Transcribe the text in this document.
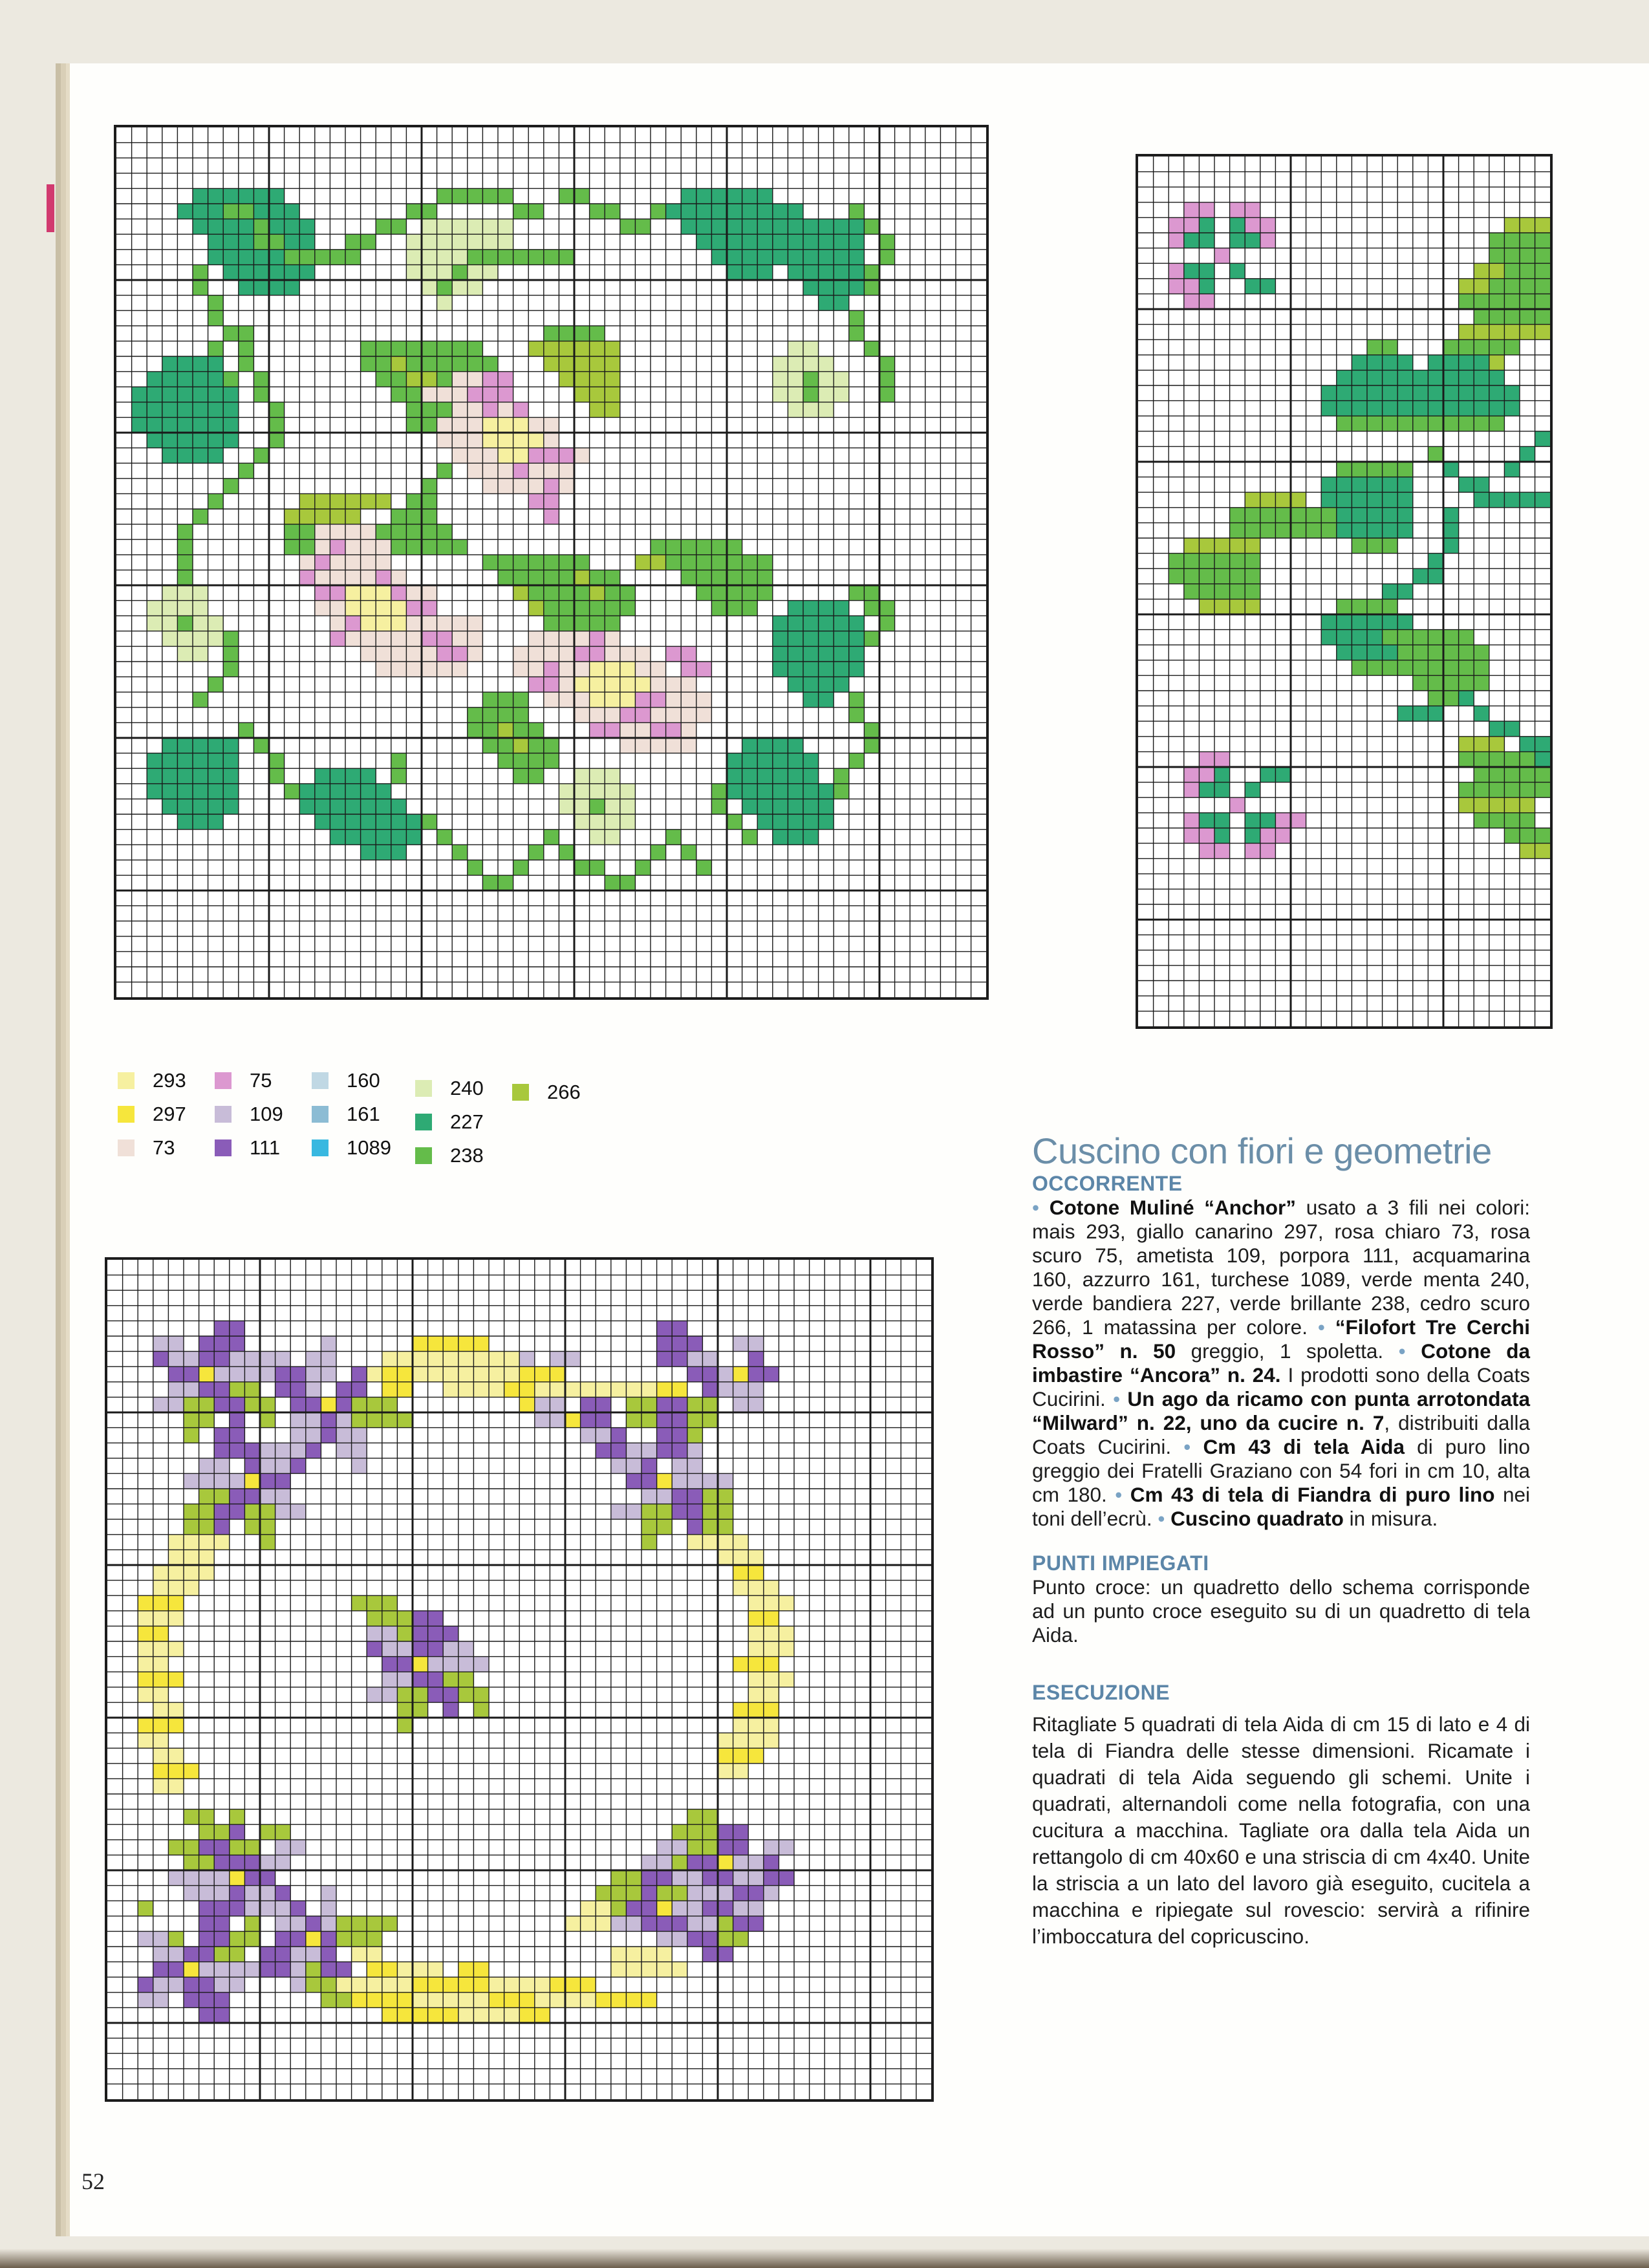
293
297
73
75
109
111
160
161
1089
240
227
238
266
Cuscino con fiori e geometrie
OCCORRENTE

• Cotone Muliné “Anchor” usato a 3 fili nei colori: mais 293, giallo canarino 297, rosa chiaro 73, rosa scuro 75, ametista 109, porpora 111, acquamarina 160, azzurro 161, turchese 1089, verde menta 240, verde bandiera 227, verde brillante 238, cedro scuro 266, 1 matassina per colore. • “Filofort Tre Cerchi Rosso” n. 50 greggio, 1 spoletta. • Cotone da imbastire “Ancora” n. 24. I prodotti sono della Coats Cucirini. • Un ago da ricamo con punta arrotondata “Milward” n. 22, uno da cucire n. 7, distribuiti dalla Coats Cucirini. • Cm 43 di tela Aida di puro lino greggio dei Fratelli Graziano con 54 fori in cm 10, alta cm 180. • Cm 43 di tela di Fiandra di puro lino nei toni dell’ecrù. • Cuscino quadrato in misura.

PUNTI IMPIEGATI

Punto croce: un quadretto dello schema corrisponde ad un punto croce eseguito su di un quadretto di tela Aida.

ESECUZIONE

Ritagliate 5 quadrati di tela Aida di cm 15 di lato e 4 di tela di Fiandra delle stesse dimensioni. Ricamate i quadrati di tela Aida seguendo gli schemi. Unite i quadrati, alternandoli come nella fotografia, con una cucitura a macchina. Tagliate ora dalla tela Aida un rettangolo di cm 40x60 e una striscia di cm 4x40. Unite la striscia a un lato del lavoro già eseguito, cucitela a macchina e ripiegate sul rovescio: servirà a rifinire l’imboccatura del copricuscino.

52
